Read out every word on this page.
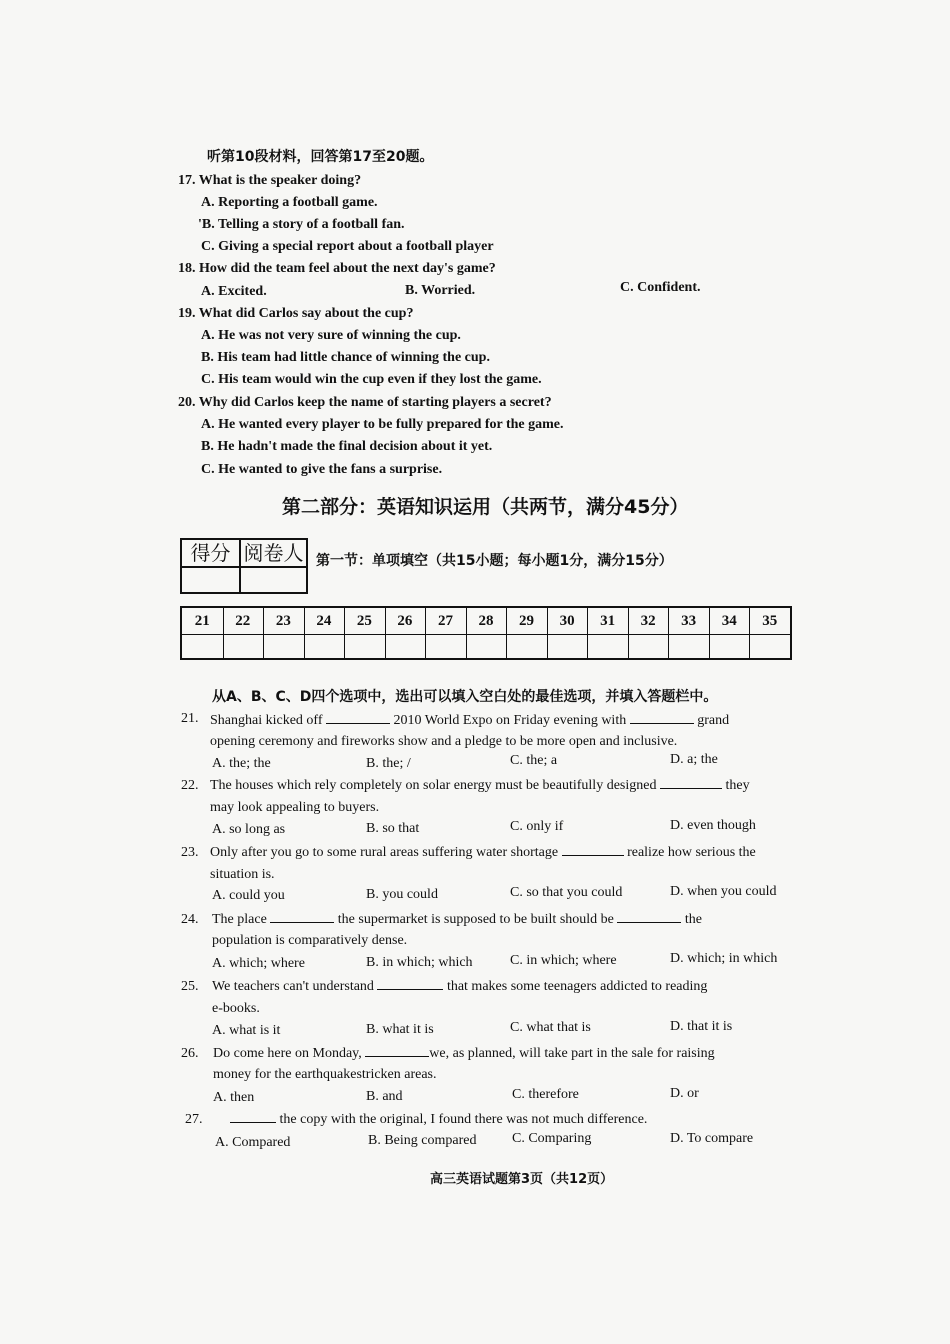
听第10段材料，回答第17至20题。
17. What is the speaker doing?
A. Reporting a football game.
'B. Telling a story of a football fan.
C. Giving a special report about a football player
18. How did the team feel about the next day's game?
A. Excited.	B. Worried.	C. Confident.
19. What did Carlos say about the cup?
A. He was not very sure of winning the cup.
B. His team had little chance of winning the cup.
C. His team would win the cup even if they lost the game.
20. Why did Carlos keep the name of starting players a secret?
A. He wanted every player to be fully prepared for the game.
B. He hadn't made the final decision about it yet.
C. He wanted to give the fans a surprise.
第二部分：英语知识运用（共两节，满分45分）
得分 阅卷人 第一节：单项填空（共15小题；每小题1分，满分15分）
21	22	23	24	25	26	27	28	29	30	31	32	33	34	35
从A、B、C、D四个选项中，选出可以填入空白处的最佳选项，并填入答题栏中。
21. Shanghai kicked off	2010 World Expo on Friday evening with	grand
opening ceremony and fireworks show and a pledge to be more open and inclusive.
A. the; the	B. the; /	C. the; a	D. a; the
22. The houses which rely completely on solar energy must be beautifully designed	they
may look appealing to buyers.
A. so long as	B. so that	C. only if	D. even though
23. Only after you go to some rural areas suffering water shortage	realize how serious the
situation is.
A. could you	B. you could	C. so that you could	D. when you could
24. The place	the supermarket is supposed to be built should be	the
population is comparatively dense.
A. which; where	B. in which; which	C. in which; where	D. which; in which
25. We teachers can't understand	that makes some teenagers addicted to reading
e-books.
A. what is it	B. what it is	C. what that is	D. that it is
26. Do come here on Monday,	we, as planned, will take part in the sale for raising
money for the earthquakestricken areas.
A. then	B. and	C. therefore	D. or
27.	the copy with the original, I found there was not much difference.
A. Compared	B. Being compared	C. Comparing	D. To compare
高三英语试题第3页（共12页）
